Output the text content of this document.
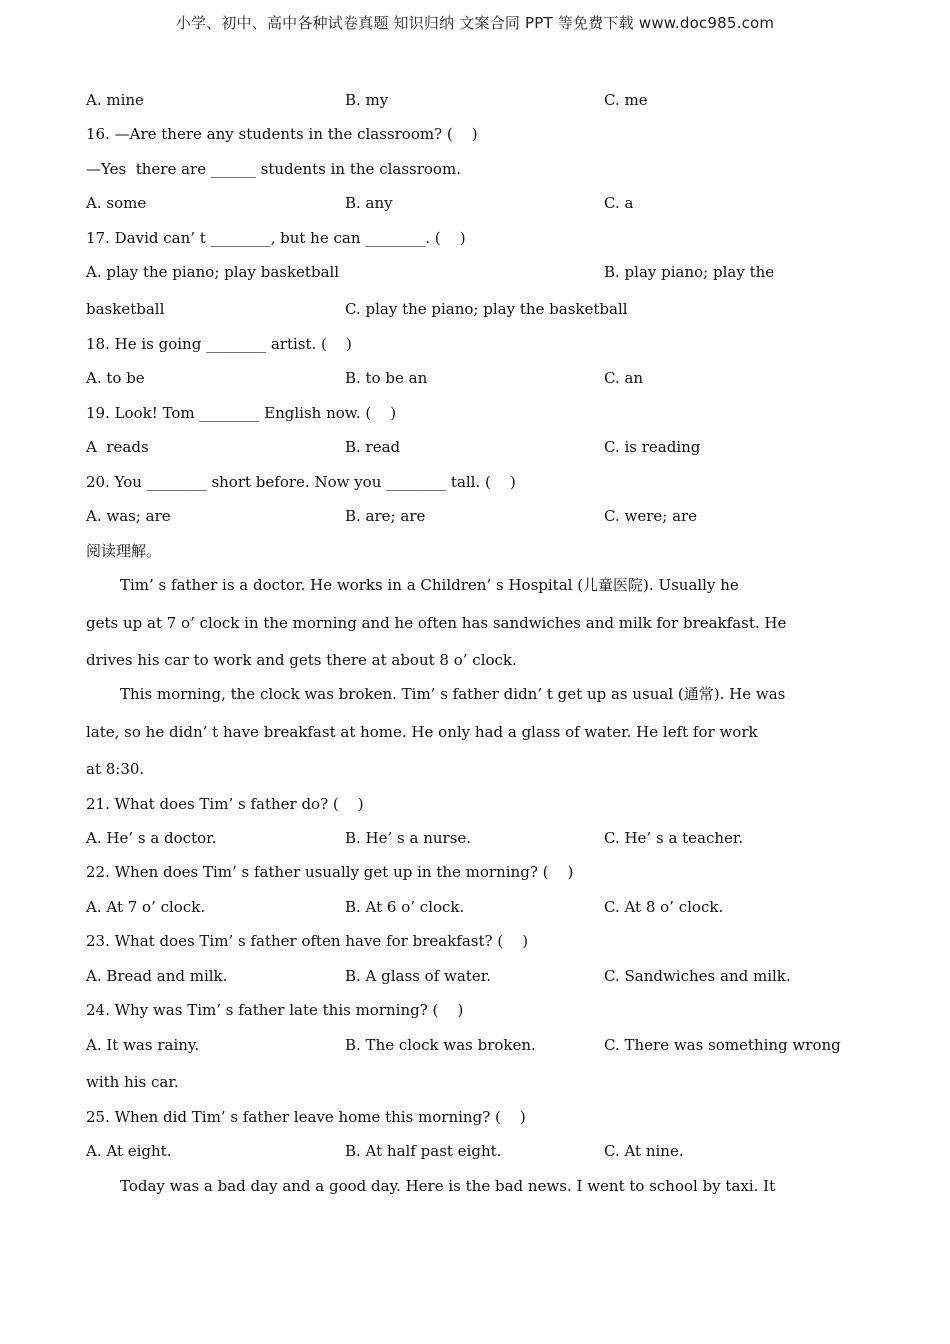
小学、初中、高中各种试卷真题 知识归纳 文案合同 PPT 等免费下载 www.doc985.com
A. mine	B. my	C. me
16. —Are there any students in the classroom? (    )
—Yes  there are ______ students in the classroom.
A. some	B. any	C. a
17. David can’ t ________, but he can ________. (    )
A. play the piano; play basketball	B. play piano; play the
basketball	C. play the piano; play the basketball
18. He is going ________ artist. (    )
A. to be	B. to be an	C. an
19. Look! Tom ________ English now. (    )
A  reads	B. read	C. is reading
20. You ________ short before. Now you ________ tall. (    )
A. was; are	B. are; are	C. were; are
阅读理解。
Tim’ s father is a doctor. He works in a Children’ s Hospital (儿童医院). Usually he
gets up at 7 o’ clock in the morning and he often has sandwiches and milk for breakfast. He
drives his car to work and gets there at about 8 o’ clock.
This morning, the clock was broken. Tim’ s father didn’ t get up as usual (通常). He was
late, so he didn’ t have breakfast at home. He only had a glass of water. He left for work
at 8:30.
21. What does Tim’ s father do? (    )
A. He’ s a doctor.	B. He’ s a nurse.	C. He’ s a teacher.
22. When does Tim’ s father usually get up in the morning? (    )
A. At 7 o’ clock.	B. At 6 o’ clock.	C. At 8 o’ clock.
23. What does Tim’ s father often have for breakfast? (    )
A. Bread and milk.	B. A glass of water.	C. Sandwiches and milk.
24. Why was Tim’ s father late this morning? (    )
A. It was rainy.	B. The clock was broken.	C. There was something wrong
with his car.
25. When did Tim’ s father leave home this morning? (    )
A. At eight.	B. At half past eight.	C. At nine.
Today was a bad day and a good day. Here is the bad news. I went to school by taxi. It
